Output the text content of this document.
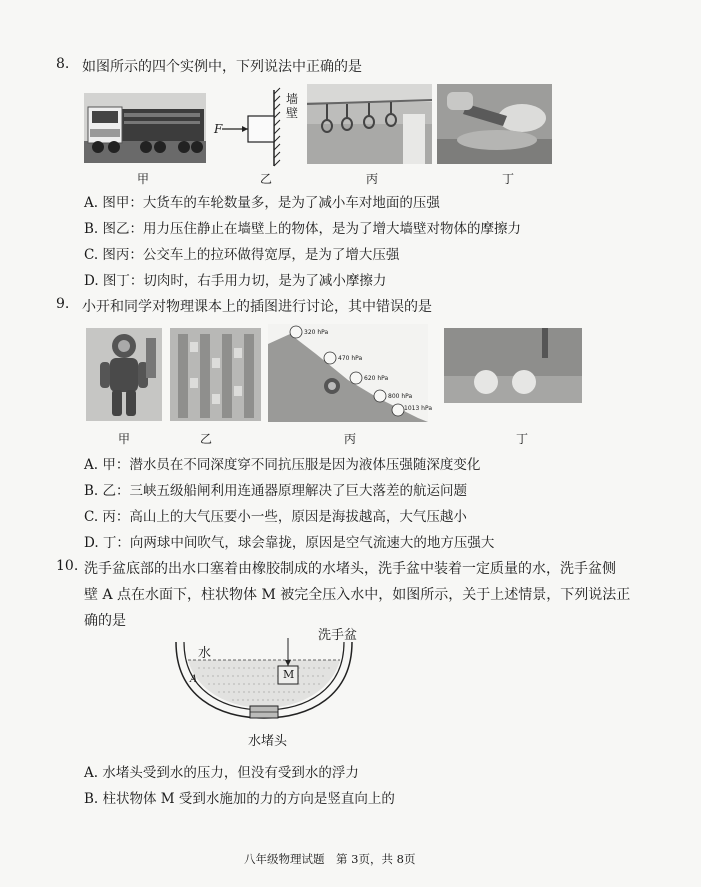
8. 如图所示的四个实例中，下列说法中正确的是
墙壁
F
甲	乙	丙	丁
A. 图甲：大货车的车轮数量多，是为了减小车对地面的压强
B. 图乙：用力压住静止在墙壁上的物体，是为了增大墙壁对物体的摩擦力
C. 图丙：公交车上的拉环做得宽厚，是为了增大压强
D. 图丁：切肉时，右手用力切，是为了减小摩擦力
9. 小开和同学对物理课本上的插图进行讨论，其中错误的是
320 hPa
470 hPa
620 hPa
800 hPa
1013 hPa
甲	乙	丙	丁
A. 甲：潜水员在不同深度穿不同抗压服是因为液体压强随深度变化
B. 乙：三峡五级船闸利用连通器原理解决了巨大落差的航运问题
C. 丙：高山上的大气压要小一些，原因是海拔越高，大气压越小
D. 丁：向两球中间吹气，球会靠拢，原因是空气流速大的地方压强大
10. 洗手盆底部的出水口塞着由橡胶制成的水堵头，洗手盆中装着一定质量的水，洗手盆侧
壁 A 点在水面下，柱状物体 M 被完全压入水中，如图所示，关于上述情景，下列说法正
确的是
洗手盆
水
A	M
水堵头
A. 水堵头受到水的压力，但没有受到水的浮力
B. 柱状物体 M 受到水施加的力的方向是竖直向上的
八年级物理试题　第 3页，共 8页
